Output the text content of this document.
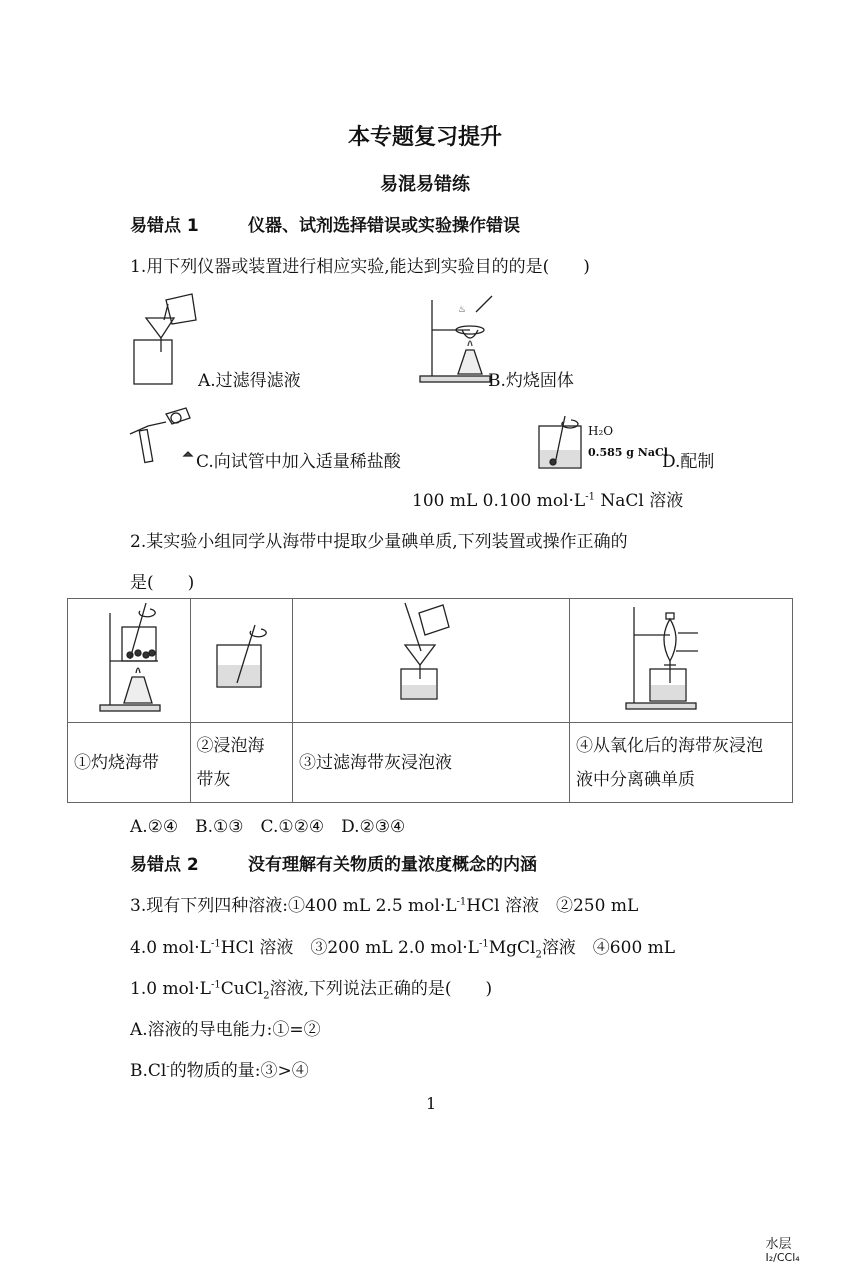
本专题复习提升
易混易错练
易错点 1	仪器、试剂选择错误或实验操作错误
1.用下列仪器或装置进行相应实验,能达到实验目的的是(　　)
A.过滤得滤液
♨
B.灼烧固体
C.向试管中加入适量稀盐酸
H₂O
0.585 g NaCl
D.配制
100 mL 0.100 $mol\cdot L^{-1}$ NaCl 溶液
2.某实验小组同学从海带中提取少量碘单质,下列装置或操作正确的
是(　　)

水层
I₂/CCl₄

①灼烧海带	②浸泡海带灰	③过滤海带灰浸泡液	④从氧化后的海带灰浸泡液中分离碘单质
A.②④　B.①③　C.①②④　D.②③④
易错点 2	没有理解有关物质的量浓度概念的内涵
3.现有下列四种溶液:①400 mL 2.5 $mol\cdot L^{-1}HCl$ 溶液　②250 mL
4.0 $mol\cdot L^{-1}HCl$ 溶液　③200 mL 2.0 $mol\cdot L^{-1}MgCl_2$溶液　④600 mL
1.0 $mol\cdot L^{-1}CuCl_2$溶液,下列说法正确的是(　　)
A.溶液的导电能力:①=②
B.Cl-的物质的量:③>④
1
